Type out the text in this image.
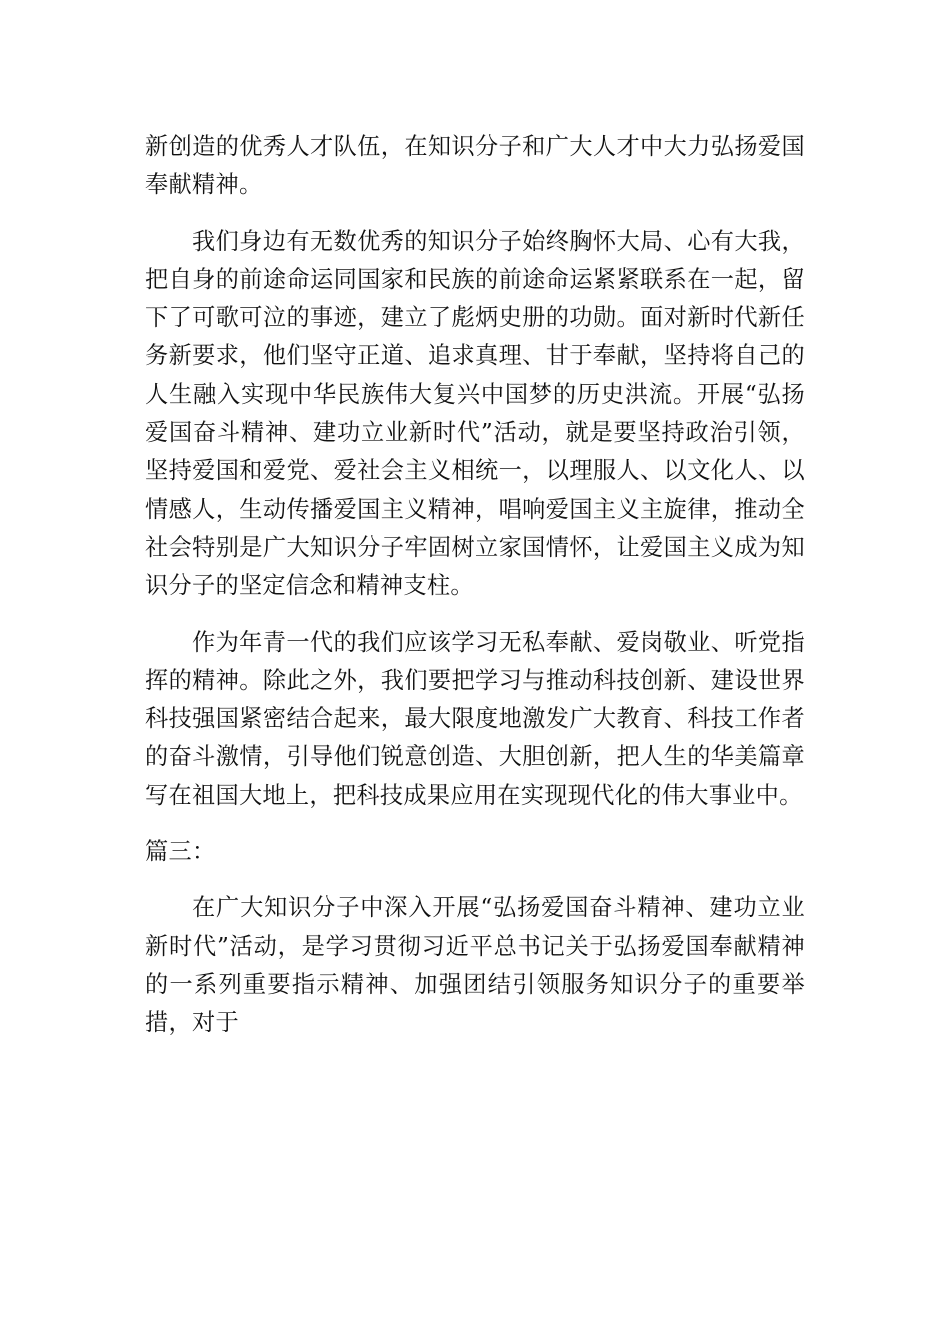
新创造的优秀人才队伍，在知识分子和广大人才中大力弘扬爱国奉献精神。

我们身边有无数优秀的知识分子始终胸怀大局、心有大我，把自身的前途命运同国家和民族的前途命运紧紧联系在一起，留下了可歌可泣的事迹，建立了彪炳史册的功勋。面对新时代新任务新要求，他们坚守正道、追求真理、甘于奉献，坚持将自己的人生融入实现中华民族伟大复兴中国梦的历史洪流。开展“弘扬爱国奋斗精神、建功立业新时代”活动，就是要坚持政治引领，坚持爱国和爱党、爱社会主义相统一，以理服人、以文化人、以情感人，生动传播爱国主义精神，唱响爱国主义主旋律，推动全社会特别是广大知识分子牢固树立家国情怀，让爱国主义成为知识分子的坚定信念和精神支柱。

作为年青一代的我们应该学习无私奉献、爱岗敬业、听党指挥的精神。除此之外，我们要把学习与推动科技创新、建设世界科技强国紧密结合起来，最大限度地激发广大教育、科技工作者的奋斗激情，引导他们锐意创造、大胆创新，把人生的华美篇章写在祖国大地上，把科技成果应用在实现现代化的伟大事业中。

篇三：

在广大知识分子中深入开展“弘扬爱国奋斗精神、建功立业新时代”活动，是学习贯彻习近平总书记关于弘扬爱国奉献精神的一系列重要指示精神、加强团结引领服务知识分子的重要举措，对于
